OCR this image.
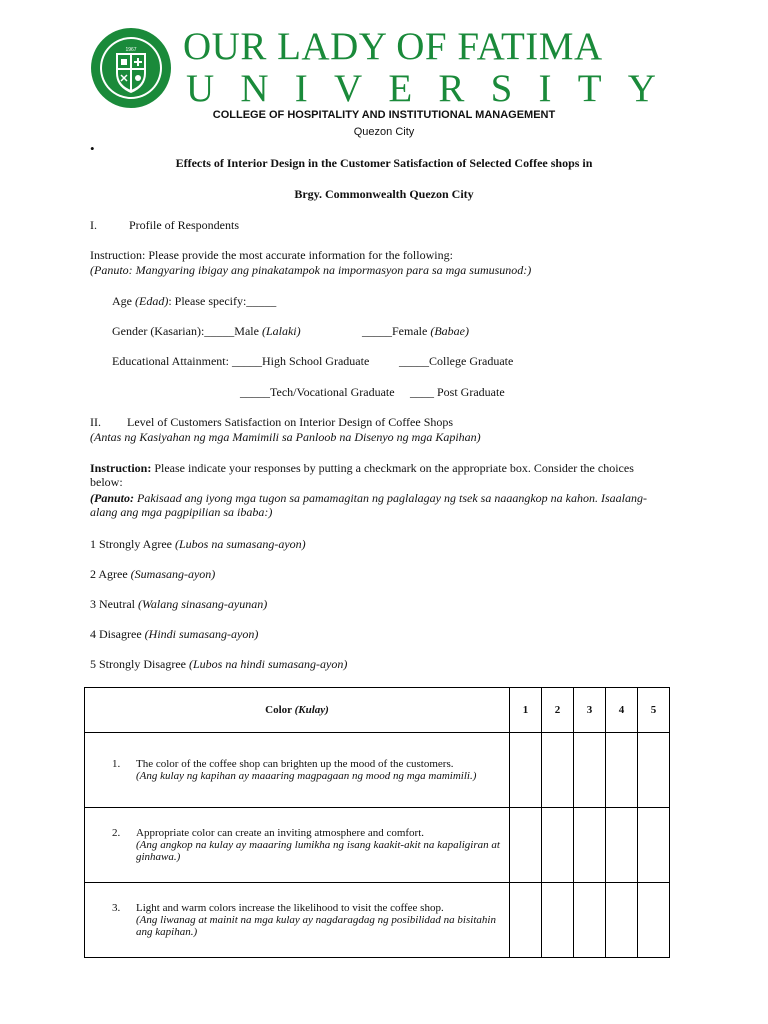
1967 OUR LADY OF FATIMA
U N I V E R S I T Y
COLLEGE OF HOSPITALITY AND INSTITUTIONAL MANAGEMENT
Quezon City
•
Effects of Interior Design in the Customer Satisfaction of Selected Coffee shops in
Brgy. Commonwealth Quezon City
I.	Profile of Respondents
Instruction: Please provide the most accurate information for the following:
(Panuto: Mangyaring ibigay ang pinakatampok na impormasyon para sa mga sumusunod:)
Age (Edad): Please specify:_____
Gender (Kasarian):_____Male (Lalaki)	_____Female (Babae)
Educational Attainment: _____High School Graduate _____College Graduate
_____Tech/Vocational Graduate ____ Post Graduate
II. Level of Customers Satisfaction on Interior Design of Coffee Shops
(Antas ng Kasiyahan ng mga Mamimili sa Panloob na Disenyo ng mga Kapihan)
Instruction: Please indicate your responses by putting a checkmark on the appropriate box. Consider the choices
below:
(Panuto: Pakisaad ang iyong mga tugon sa pamamagitan ng paglalagay ng tsek sa naaangkop na kahon. Isaalang-
alang ang mga pagpipilian sa ibaba:)
1 Strongly Agree (Lubos na sumasang-ayon)
2 Agree (Sumasang-ayon)
3 Neutral (Walang sinasang-ayunan)
4 Disagree (Hindi sumasang-ayon)
5 Strongly Disagree (Lubos na hindi sumasang-ayon)
Color (Kulay)	1	2	3	4	5

1. The color of the coffee shop can brighten up the mood of the customers.
(Ang kulay ng kapihan ay maaaring magpagaan ng mood ng mga mamimili.)					

2. Appropriate color can create an inviting atmosphere and comfort.
(Ang angkop na kulay ay maaaring lumikha ng isang kaakit-akit na kapaligiran at ginhawa.)					

3. Light and warm colors increase the likelihood to visit the coffee shop.
(Ang liwanag at mainit na mga kulay ay nagdaragdag ng posibilidad na bisitahin ang kapihan.)					
